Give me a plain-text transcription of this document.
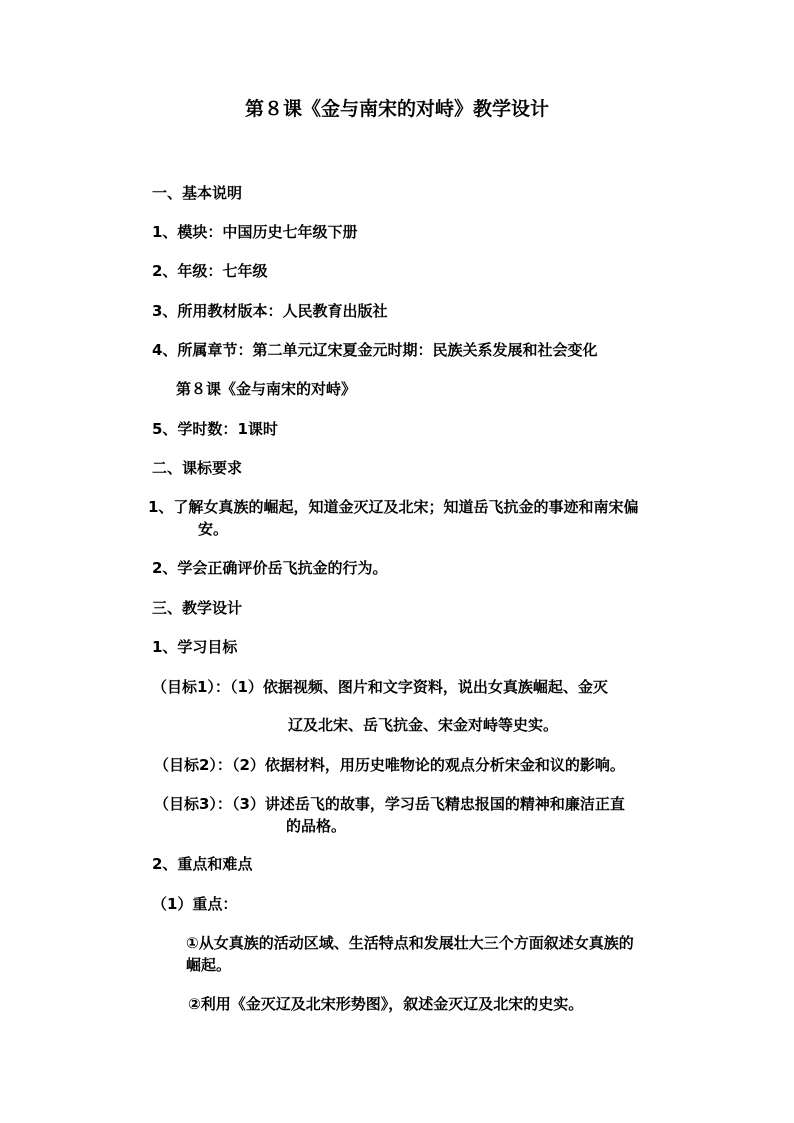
第８课《金与南宋的对峙》教学设计
一、基本说明
1、模块：中国历史七年级下册
2、年级：七年级
3、所用教材版本：人民教育出版社
4、所属章节：第二单元辽宋夏金元时期：民族关系发展和社会变化
第８课《金与南宋的对峙》
5、学时数：1课时
二、课标要求
1、了解女真族的崛起，知道金灭辽及北宋；知道岳飞抗金的事迹和南宋偏
安。
2、学会正确评价岳飞抗金的行为。
三、教学设计
1、学习目标
（目标1）：（1）依据视频、图片和文字资料，说出女真族崛起、金灭
辽及北宋、岳飞抗金、宋金对峙等史实。
（目标2）：（2）依据材料，用历史唯物论的观点分析宋金和议的影响。
（目标3）：（3）讲述岳飞的故事，学习岳飞精忠报国的精神和廉洁正直
的品格。
2、重点和难点
（1）重点：
①从女真族的活动区域、生活特点和发展壮大三个方面叙述女真族的
崛起。
②利用《金灭辽及北宋形势图》，叙述金灭辽及北宋的史实。
